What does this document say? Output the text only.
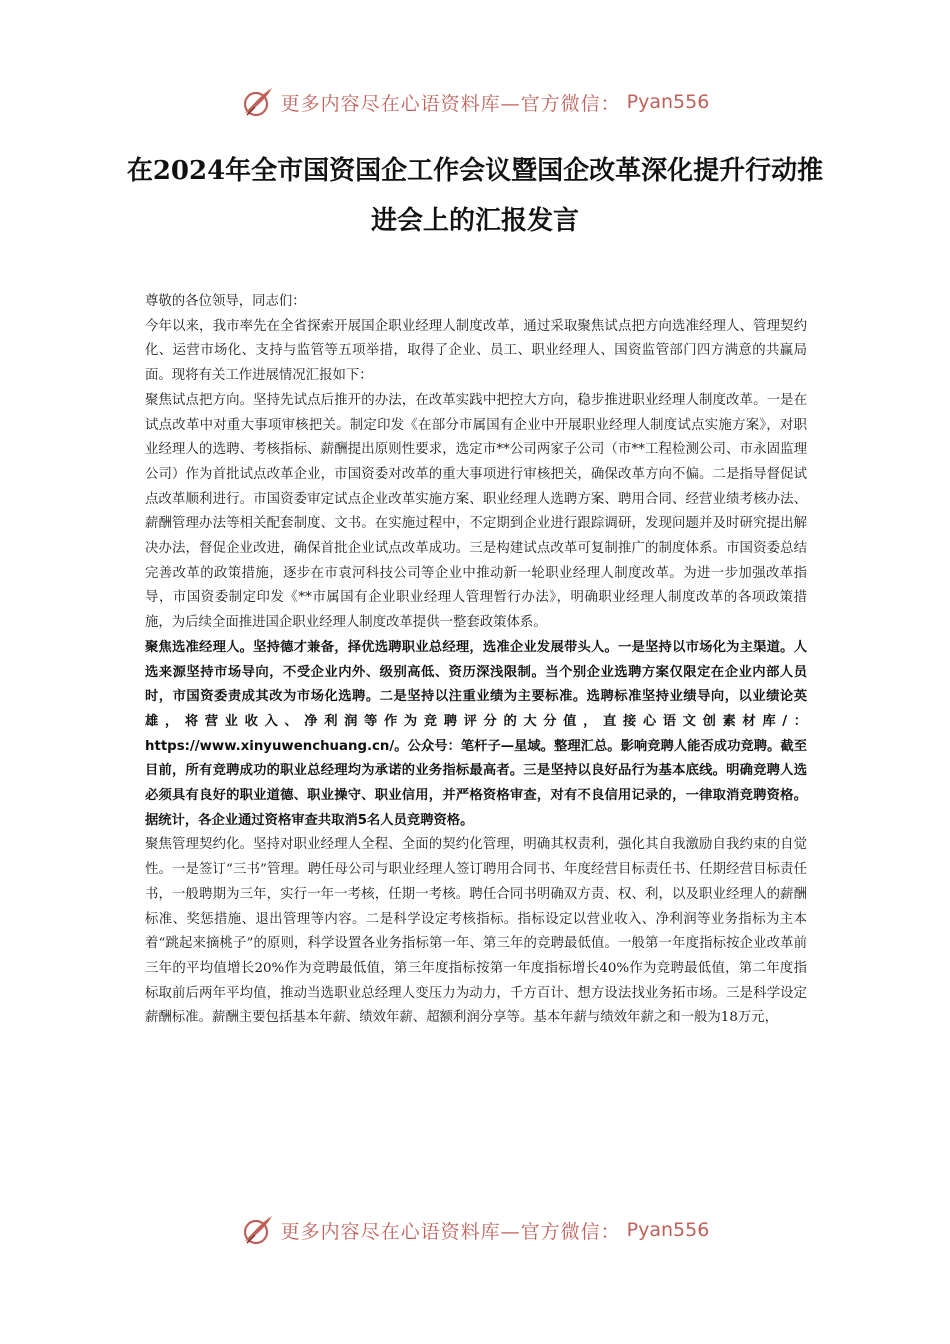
更多内容尽在心语资料库—官方微信： Pyan556
在2024年全市国资国企工作会议暨国企改革深化提升行动推进会上的汇报发言

尊敬的各位领导，同志们：

今年以来，我市率先在全省探索开展国企职业经理人制度改革，通过采取聚焦试点把方向选准经理人、管理契约化、运营市场化、支持与监管等五项举措，取得了企业、员工、职业经理人、国资监管部门四方满意的共赢局面。现将有关工作进展情况汇报如下：

聚焦试点把方向。坚持先试点后推开的办法，在改革实践中把控大方向，稳步推进职业经理人制度改革。一是在试点改革中对重大事项审核把关。制定印发《在部分市属国有企业中开展职业经理人制度试点实施方案》，对职业经理人的选聘、考核指标、薪酬提出原则性要求，选定市**公司两家子公司（市**工程检测公司、市永固监理公司）作为首批试点改革企业，市国资委对改革的重大事项进行审核把关，确保改革方向不偏。二是指导督促试点改革顺利进行。市国资委审定试点企业改革实施方案、职业经理人选聘方案、聘用合同、经营业绩考核办法、薪酬管理办法等相关配套制度、文书。在实施过程中，不定期到企业进行跟踪调研，发现问题并及时研究提出解决办法，督促企业改进，确保首批企业试点改革成功。三是构建试点改革可复制推广的制度体系。市国资委总结完善改革的政策措施，逐步在市袁河科技公司等企业中推动新一轮职业经理人制度改革。为进一步加强改革指导，市国资委制定印发《**市属国有企业职业经理人管理暂行办法》，明确职业经理人制度改革的各项政策措施，为后续全面推进国企职业经理人制度改革提供一整套政策体系。

聚焦选准经理人。坚持德才兼备，择优选聘职业总经理，选准企业发展带头人。一是坚持以市场化为主渠道。人选来源坚持市场导向，不受企业内外、级别高低、资历深浅限制。当个别企业选聘方案仅限定在企业内部人员时，市国资委责成其改为市场化选聘。二是坚持以注重业绩为主要标准。选聘标准坚持业绩导向，以业绩论英雄，将营业收入、净利润等作为竞聘评分的大分值，直接心语文创素材库/：https://www.xinyuwenchuang.cn/。公众号：笔杆子—星域。整理汇总。影响竞聘人能否成功竞聘。截至目前，所有竞聘成功的职业总经理均为承诺的业务指标最高者。三是坚持以良好品行为基本底线。明确竞聘人选必须具有良好的职业道德、职业操守、职业信用，并严格资格审查，对有不良信用记录的，一律取消竞聘资格。据统计，各企业通过资格审查共取消5名人员竞聘资格。

聚焦管理契约化。坚持对职业经理人全程、全面的契约化管理，明确其权责利，强化其自我激励自我约束的自觉性。一是签订“三书”管理。聘任母公司与职业经理人签订聘用合同书、年度经营目标责任书、任期经营目标责任书，一般聘期为三年，实行一年一考核，任期一考核。聘任合同书明确双方责、权、利，以及职业经理人的薪酬标准、奖惩措施、退出管理等内容。二是科学设定考核指标。指标设定以营业收入、净利润等业务指标为主本着“跳起来摘桃子”的原则，科学设置各业务指标第一年、第三年的竞聘最低值。一般第一年度指标按企业改革前三年的平均值增长20%作为竞聘最低值，第三年度指标按第一年度指标增长40%作为竞聘最低值，第二年度指标取前后两年平均值，推动当选职业总经理人变压力为动力，千方百计、想方设法找业务拓市场。三是科学设定薪酬标准。薪酬主要包括基本年薪、绩效年薪、超额利润分享等。基本年薪与绩效年薪之和一般为18万元，

更多内容尽在心语资料库—官方微信： Pyan556
